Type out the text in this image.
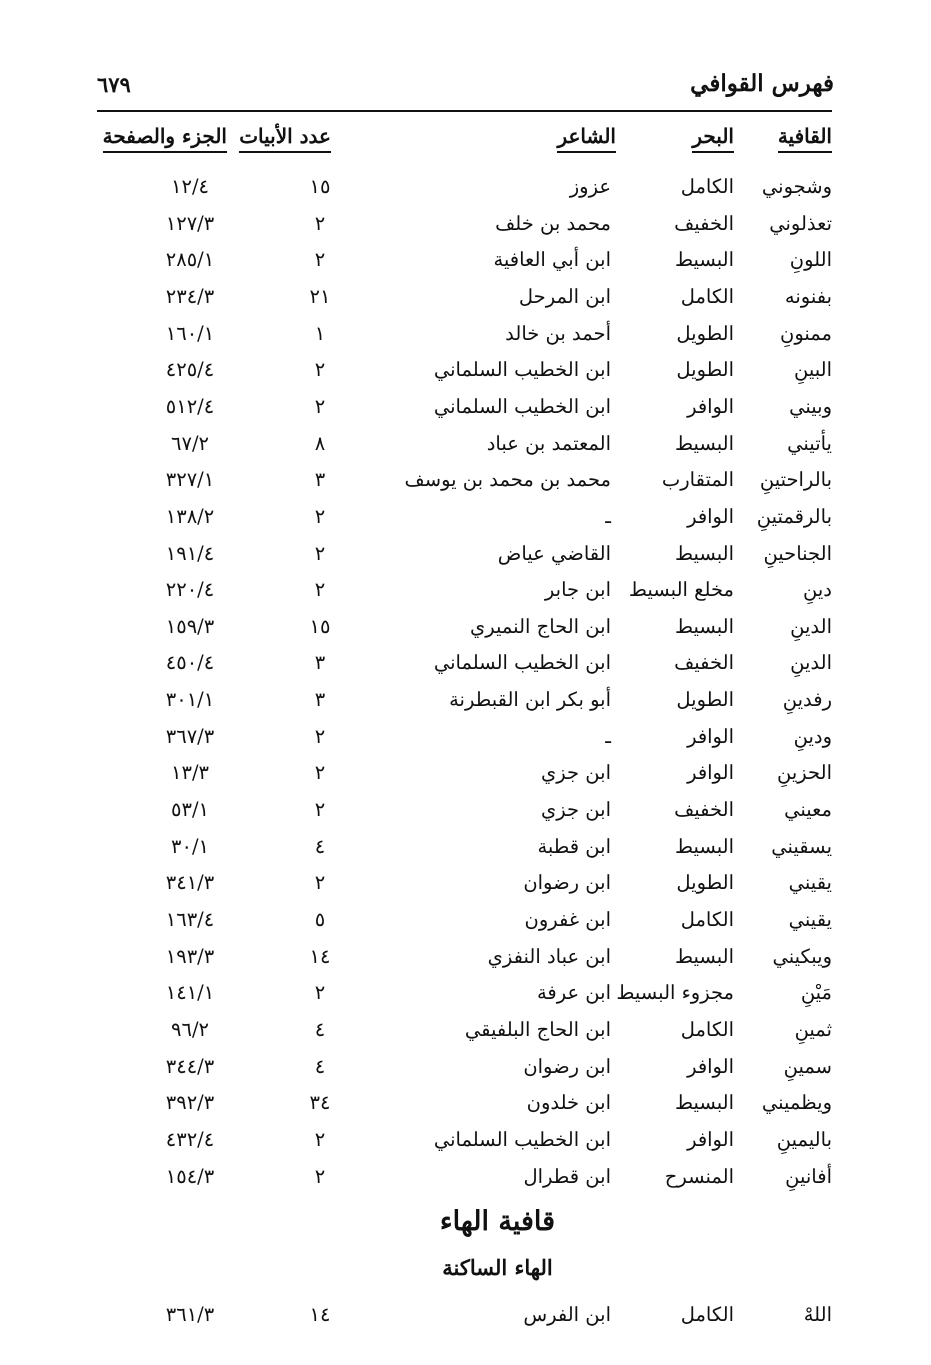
فهرس القوافي
٦٧٩
القافية
البحر
الشاعر
عدد الأبيات
الجزء والصفحة
وشجوني
الكامل
عزوز
١٥
١٢/٤
تعذلوني
الخفيف
محمد بن خلف
٢
١٢٧/٣
اللونِ
البسيط
ابن أبي العافية
٢
٢٨٥/١
بفنونه
الكامل
ابن المرحل
٢١
٢٣٤/٣
ممنونِ
الطويل
أحمد بن خالد
١
١٦٠/١
البينِ
الطويل
ابن الخطيب السلماني
٢
٤٢٥/٤
وبيني
الوافر
ابن الخطيب السلماني
٢
٥١٢/٤
يأتيني
البسيط
المعتمد بن عباد
٨
٦٧/٢
بالراحتينِ
المتقارب
محمد بن محمد بن يوسف
٣
٣٢٧/١
بالرقمتينِ
الوافر
ـ
٢
١٣٨/٢
الجناحينِ
البسيط
القاضي عياض
٢
١٩١/٤
دينِ
مخلع البسيط
ابن جابر
٢
٢٢٠/٤
الدينِ
البسيط
ابن الحاج النميري
١٥
١٥٩/٣
الدينِ
الخفيف
ابن الخطيب السلماني
٣
٤٥٠/٤
رفدينِ
الطويل
أبو بكر ابن القبطرنة
٣
٣٠١/١
ودينِ
الوافر
ـ
٢
٣٦٧/٣
الحزينِ
الوافر
ابن جزي
٢
١٣/٣
معيني
الخفيف
ابن جزي
٢
٥٣/١
يسقيني
البسيط
ابن قطبة
٤
٣٠/١
يقيني
الطويل
ابن رضوان
٢
٣٤١/٣
يقيني
الكامل
ابن غفرون
٥
١٦٣/٤
ويبكيني
البسيط
ابن عباد النفزي
١٤
١٩٣/٣
مَيْنِ
مجزوء البسيط
ابن عرفة
٢
١٤١/١
ثمينِ
الكامل
ابن الحاج البلفيقي
٤
٩٦/٢
سمينِ
الوافر
ابن رضوان
٤
٣٤٤/٣
ويظميني
البسيط
ابن خلدون
٣٤
٣٩٢/٣
باليمينِ
الوافر
ابن الخطيب السلماني
٢
٤٣٢/٤
أفانينِ
المنسرح
ابن قطرال
٢
١٥٤/٣
قافية الهاء
الهاء الساكنة
اللهْ
الكامل
ابن الفرس
١٤
٣٦١/٣
